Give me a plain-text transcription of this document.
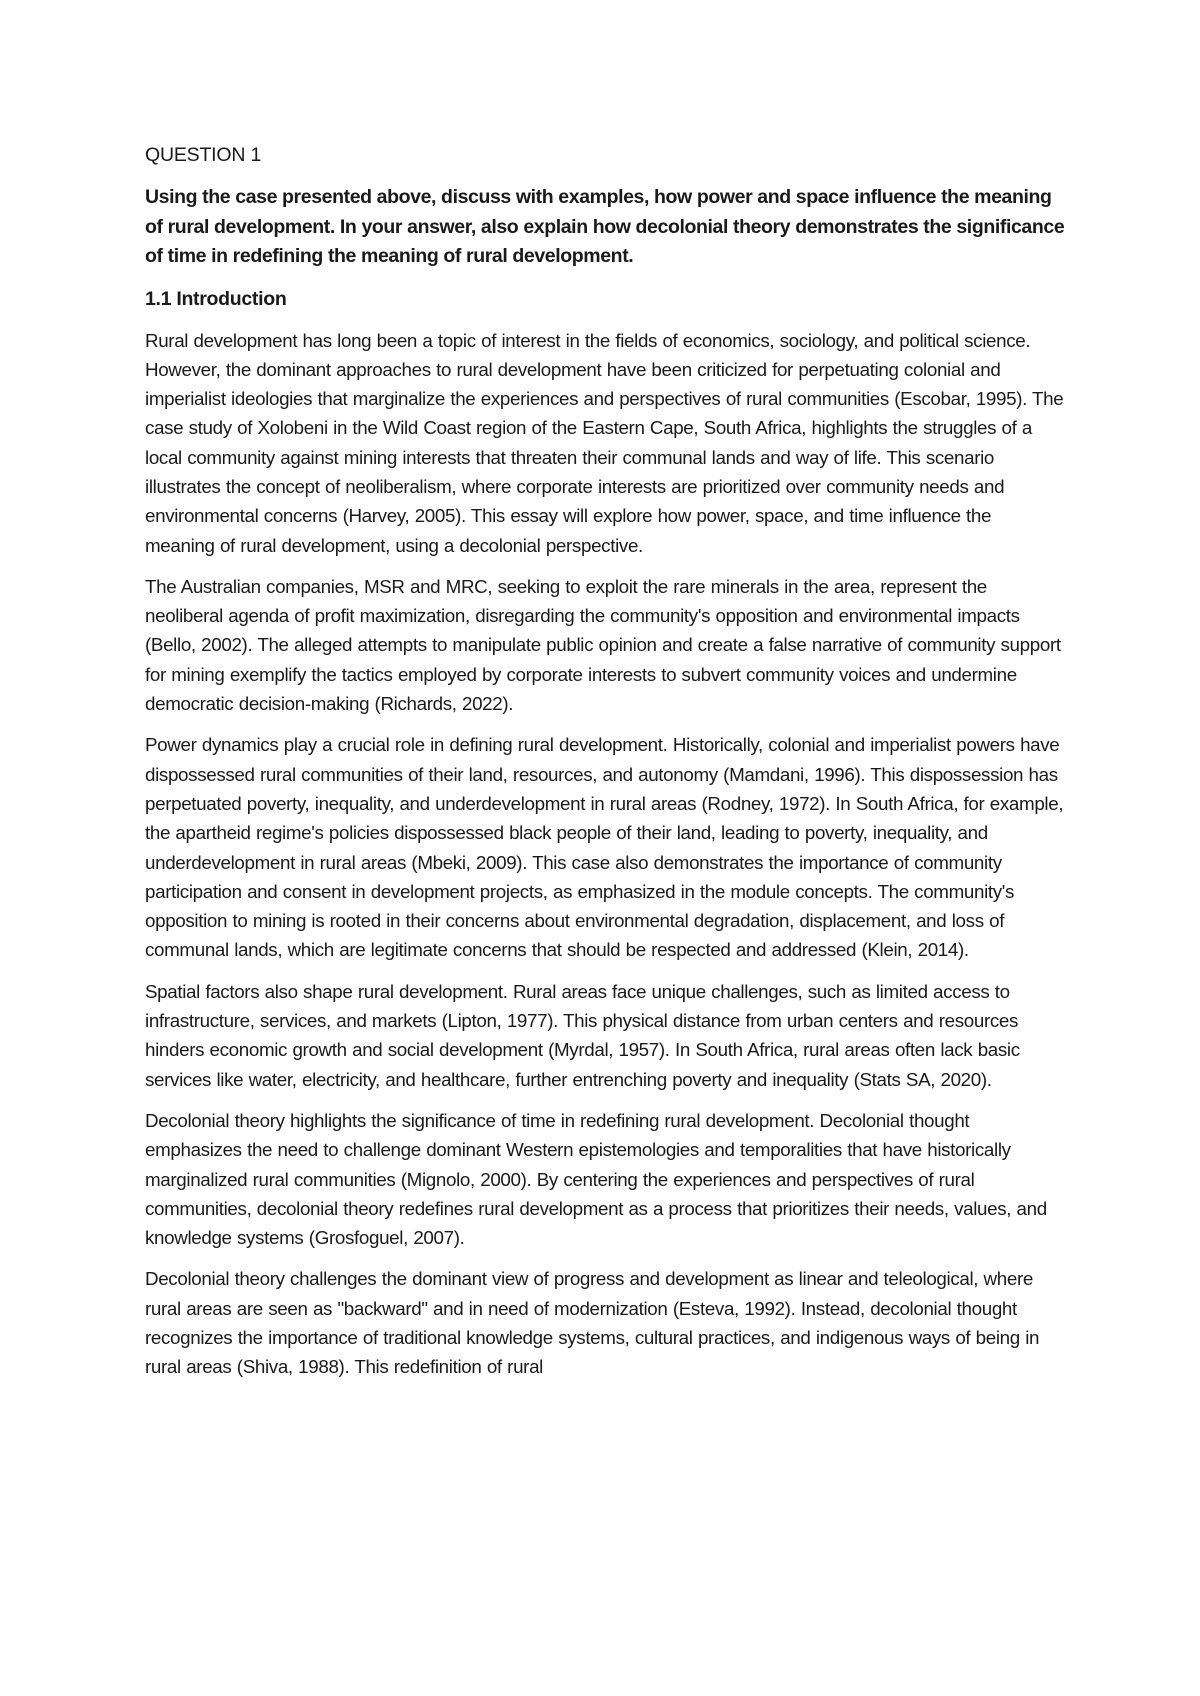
QUESTION 1

Using the case presented above, discuss with examples, how power and space influence the meaning of rural development. In your answer, also explain how decolonial theory demonstrates the significance of time in redefining the meaning of rural development.

1.1 Introduction

Rural development has long been a topic of interest in the fields of economics, sociology, and political science. However, the dominant approaches to rural development have been criticized for perpetuating colonial and imperialist ideologies that marginalize the experiences and perspectives of rural communities (Escobar, 1995). The case study of Xolobeni in the Wild Coast region of the Eastern Cape, South Africa, highlights the struggles of a local community against mining interests that threaten their communal lands and way of life. This scenario illustrates the concept of neoliberalism, where corporate interests are prioritized over community needs and environmental concerns (Harvey, 2005). This essay will explore how power, space, and time influence the meaning of rural development, using a decolonial perspective.

The Australian companies, MSR and MRC, seeking to exploit the rare minerals in the area, represent the neoliberal agenda of profit maximization, disregarding the community's opposition and environmental impacts (Bello, 2002). The alleged attempts to manipulate public opinion and create a false narrative of community support for mining exemplify the tactics employed by corporate interests to subvert community voices and undermine democratic decision-making (Richards, 2022).

Power dynamics play a crucial role in defining rural development. Historically, colonial and imperialist powers have dispossessed rural communities of their land, resources, and autonomy (Mamdani, 1996). This dispossession has perpetuated poverty, inequality, and underdevelopment in rural areas (Rodney, 1972). In South Africa, for example, the apartheid regime's policies dispossessed black people of their land, leading to poverty, inequality, and underdevelopment in rural areas (Mbeki, 2009). This case also demonstrates the importance of community participation and consent in development projects, as emphasized in the module concepts. The community's opposition to mining is rooted in their concerns about environmental degradation, displacement, and loss of communal lands, which are legitimate concerns that should be respected and addressed (Klein, 2014).

Spatial factors also shape rural development. Rural areas face unique challenges, such as limited access to infrastructure, services, and markets (Lipton, 1977). This physical distance from urban centers and resources hinders economic growth and social development (Myrdal, 1957). In South Africa, rural areas often lack basic services like water, electricity, and healthcare, further entrenching poverty and inequality (Stats SA, 2020).

Decolonial theory highlights the significance of time in redefining rural development. Decolonial thought emphasizes the need to challenge dominant Western epistemologies and temporalities that have historically marginalized rural communities (Mignolo, 2000). By centering the experiences and perspectives of rural communities, decolonial theory redefines rural development as a process that prioritizes their needs, values, and knowledge systems (Grosfoguel, 2007).

Decolonial theory challenges the dominant view of progress and development as linear and teleological, where rural areas are seen as "backward" and in need of modernization (Esteva, 1992). Instead, decolonial thought recognizes the importance of traditional knowledge systems, cultural practices, and indigenous ways of being in rural areas (Shiva, 1988). This redefinition of rural
